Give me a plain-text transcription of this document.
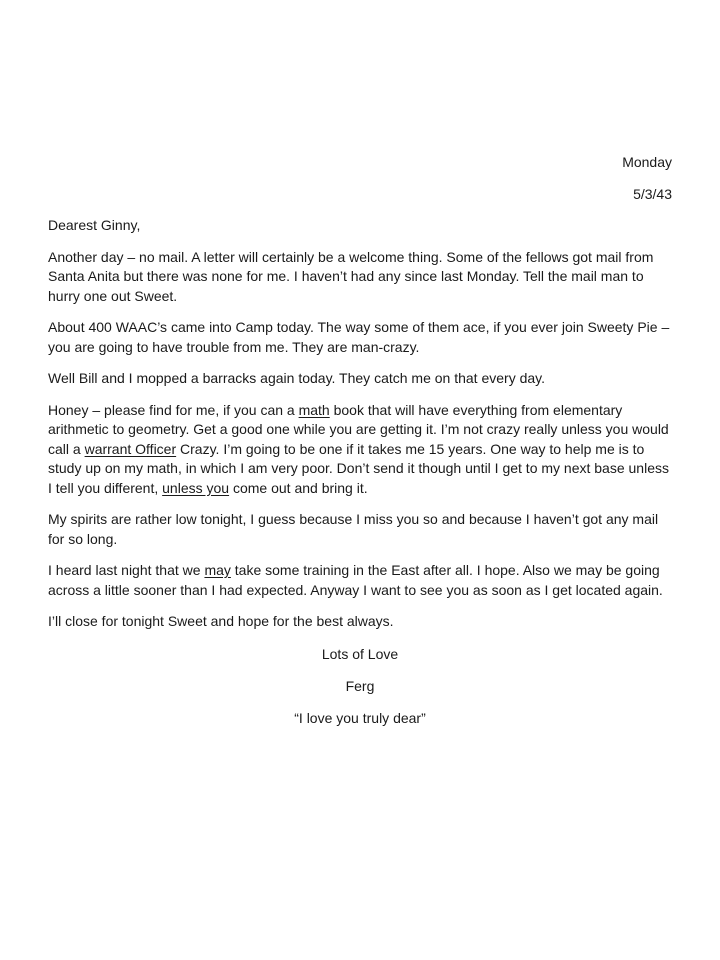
Monday
5/3/43

Dearest Ginny,

Another day – no mail. A letter will certainly be a welcome thing. Some of the fellows got mail from Santa Anita but there was none for me. I haven’t had any since last Monday. Tell the mail man to hurry one out Sweet.

About 400 WAAC’s came into Camp today. The way some of them ace, if you ever join Sweety Pie – you are going to have trouble from me. They are man-crazy.

Well Bill and I mopped a barracks again today. They catch me on that every day.

Honey – please find for me, if you can a math book that will have everything from elementary arithmetic to geometry. Get a good one while you are getting it. I’m not crazy really unless you would call a warrant Officer Crazy. I’m going to be one if it takes me 15 years. One way to help me is to study up on my math, in which I am very poor. Don’t send it though until I get to my next base unless I tell you different, unless you come out and bring it.

My spirits are rather low tonight, I guess because I miss you so and because I haven’t got any mail for so long.

I heard last night that we may take some training in the East after all. I hope. Also we may be going across a little sooner than I had expected. Anyway I want to see you as soon as I get located again.

I’ll close for tonight Sweet and hope for the best always.

Lots of Love
Ferg
“I love you truly dear”
